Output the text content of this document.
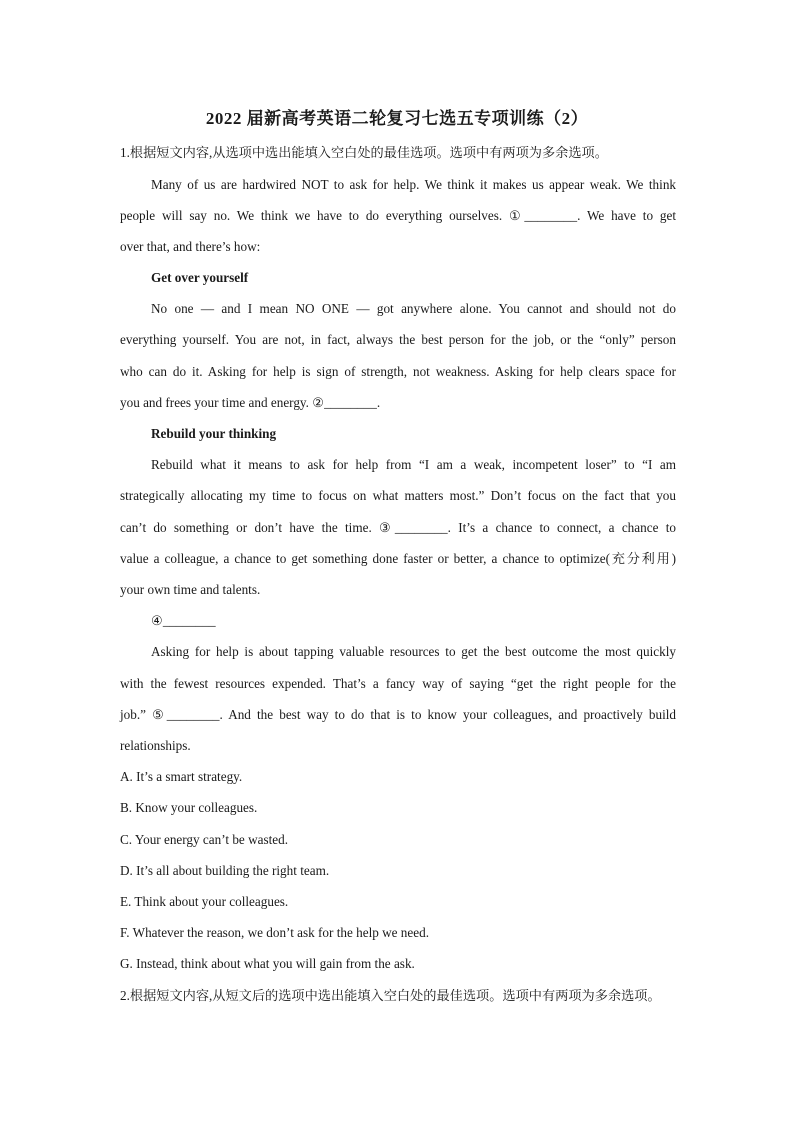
2022 届新高考英语二轮复习七选五专项训练（2）
1.根据短文内容,从选项中选出能填入空白处的最佳选项。选项中有两项为多余选项。
Many of us are hardwired NOT to ask for help. We think it makes us appear weak. We think
people will say no. We think we have to do everything ourselves. ①________. We have to get
over that, and there’s how:
Get over yourself
No one — and I mean NO ONE — got anywhere alone. You cannot and should not do
everything yourself. You are not, in fact, always the best person for the job, or the “only” person
who can do it. Asking for help is sign of strength, not weakness. Asking for help clears space for
you and frees your time and energy. ②________.
Rebuild your thinking
Rebuild what it means to ask for help from “I am a weak, incompetent loser” to “I am
strategically allocating my time to focus on what matters most.” Don’t focus on the fact that you
can’t do something or don’t have the time. ③________. It’s a chance to connect, a chance to
value a colleague, a chance to get something done faster or better, a chance to optimize(充分利用)
your own time and talents.
④________
Asking for help is about tapping valuable resources to get the best outcome the most quickly
with the fewest resources expended. That’s a fancy way of saying “get the right people for the
job.” ⑤________. And the best way to do that is to know your colleagues, and proactively build
relationships.
A. It’s a smart strategy.
B. Know your colleagues.
C. Your energy can’t be wasted.
D. It’s all about building the right team.
E. Think about your colleagues.
F. Whatever the reason, we don’t ask for the help we need.
G. Instead, think about what you will gain from the ask.
2.根据短文内容,从短文后的选项中选出能填入空白处的最佳选项。选项中有两项为多余选项。
